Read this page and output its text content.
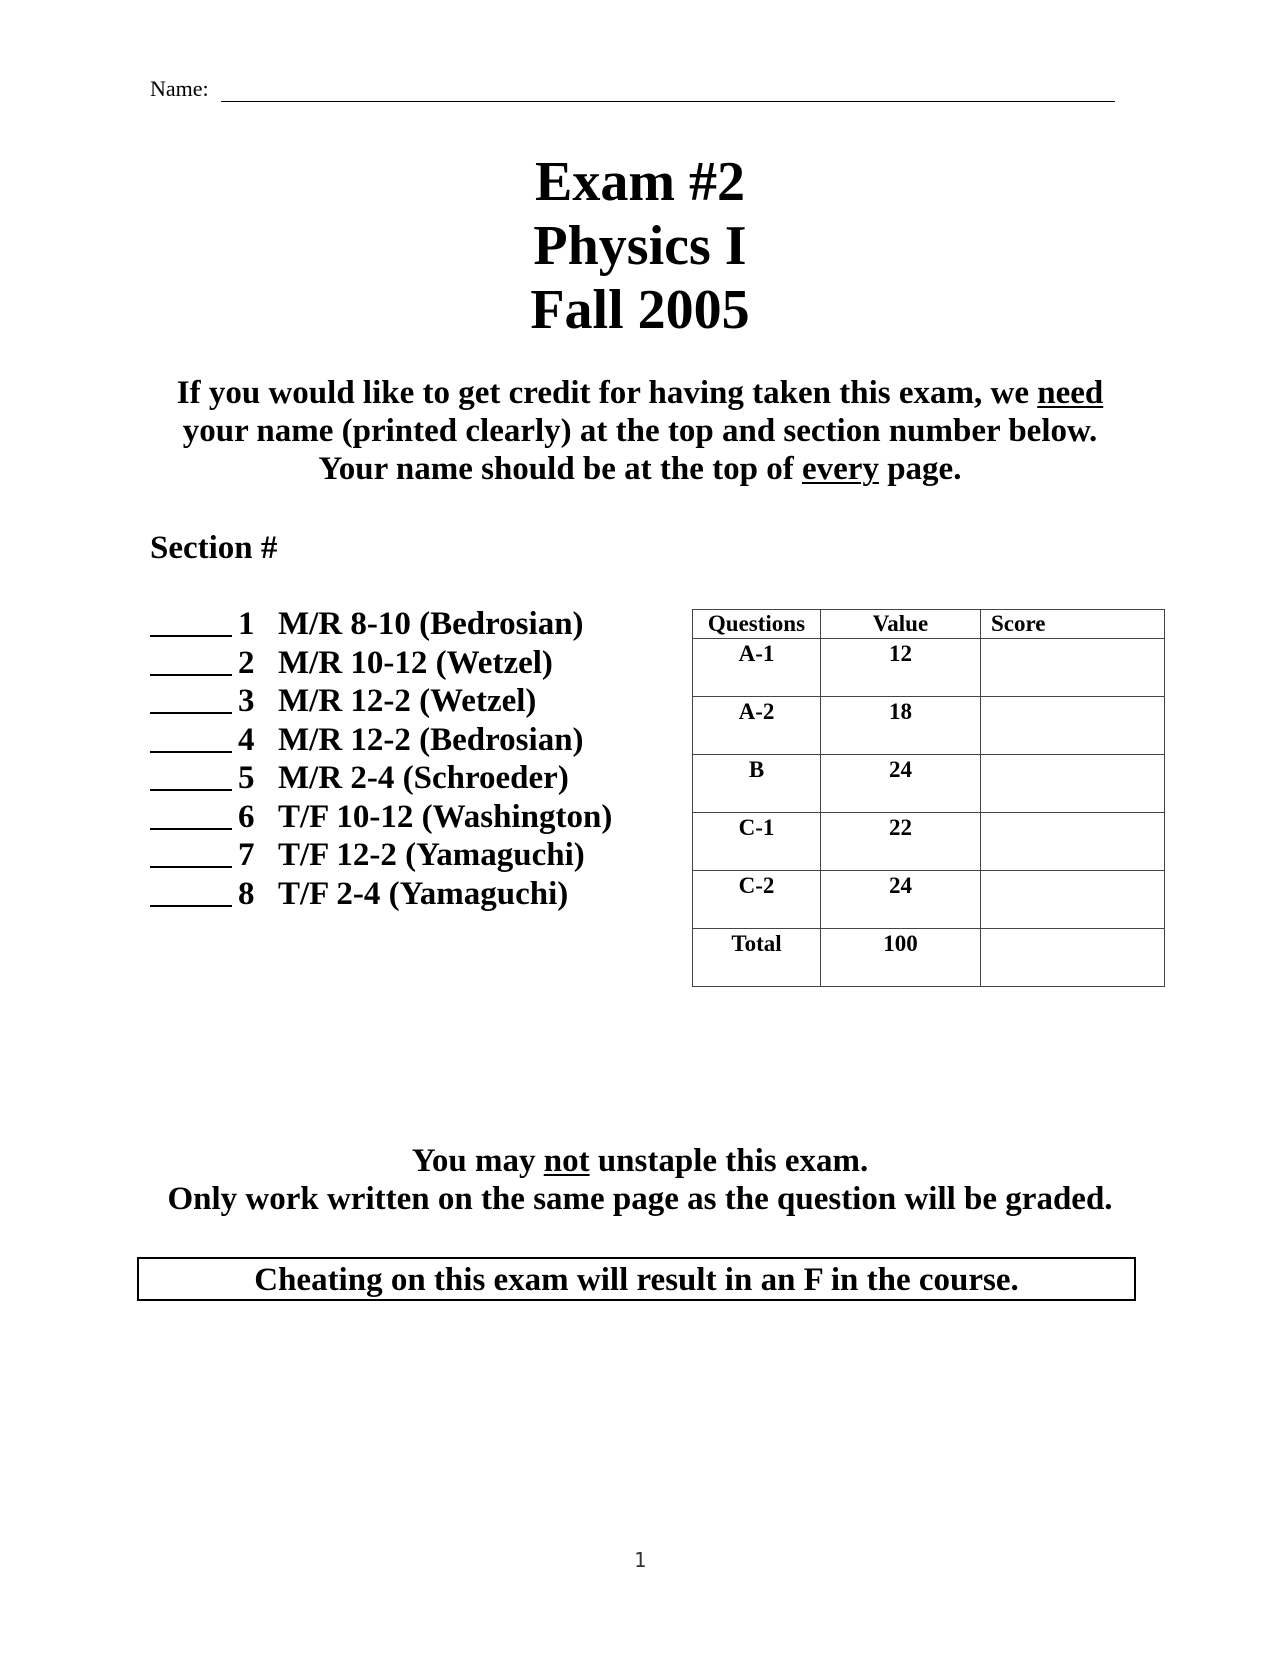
Name:
Exam #2
Physics I
Fall 2005
If you would like to get credit for having taken this exam, we need
your name (printed clearly) at the top and section number below.
Your name should be at the top of every page.
Section #
1 M/R 8-10 (Bedrosian)
2 M/R 10-12 (Wetzel)
3 M/R 12-2 (Wetzel)
4 M/R 12-2 (Bedrosian)
5 M/R 2-4 (Schroeder)
6 T/F 10-12 (Washington)
7 T/F 12-2 (Yamaguchi)
8 T/F 2-4 (Yamaguchi)
Questions	Value	Score
A-1	12	
A-2	18	
B	24	
C-1	22	
C-2	24	
Total	100	
You may not unstaple this exam.
Only work written on the same page as the question will be graded.
Cheating on this exam will result in an F in the course.
1
